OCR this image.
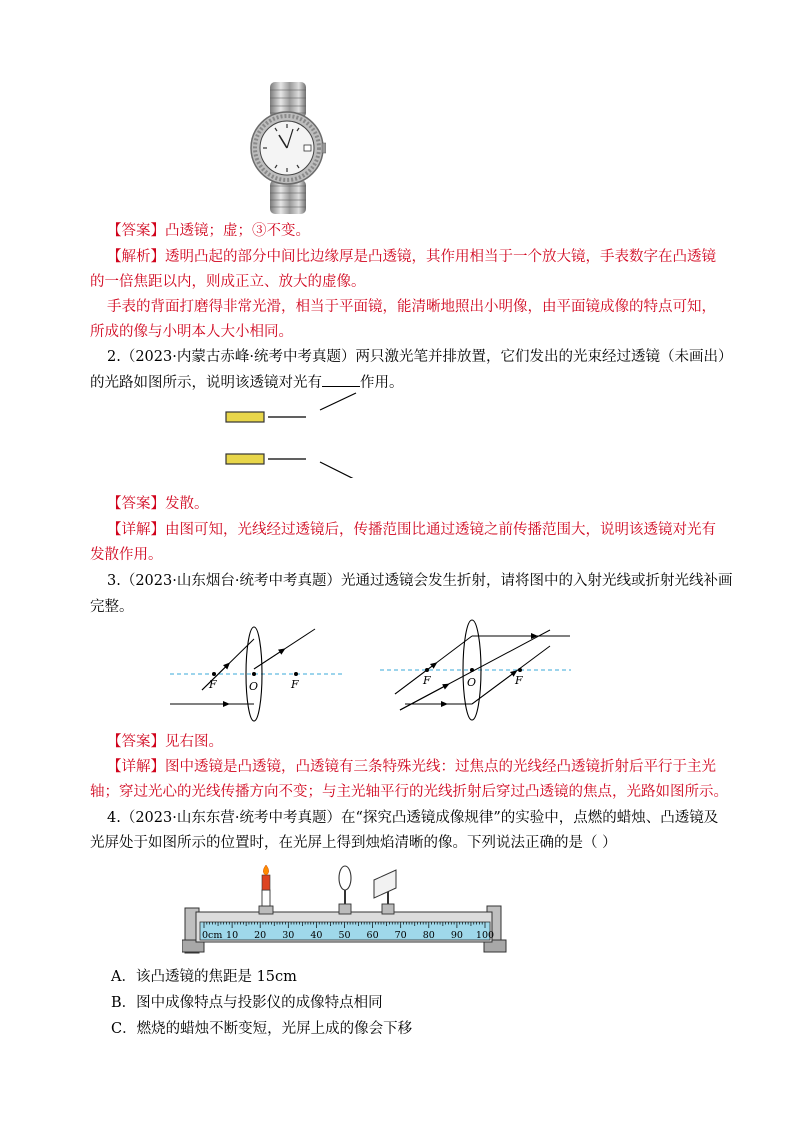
【答案】凸透镜；虚；③不变。
【解析】透明凸起的部分中间比边缘厚是凸透镜，其作用相当于一个放大镜，手表数字在凸透镜
的一倍焦距以内，则成正立、放大的虚像。
手表的背面打磨得非常光滑，相当于平面镜，能清晰地照出小明像，由平面镜成像的特点可知，
所成的像与小明本人大小相同。
2.（2023·内蒙古赤峰·统考中考真题）两只激光笔并排放置，它们发出的光束经过透镜（未画出）
的光路如图所示，说明该透镜对光有	作用。
【答案】发散。
【详解】由图可知，光线经过透镜后，传播范围比通过透镜之前传播范围大，说明该透镜对光有
发散作用。
3.（2023·山东烟台·统考中考真题）光通过透镜会发生折射，请将图中的入射光线或折射光线补画
完整。
F	O	F	F	O	F
【答案】见右图。
【详解】图中透镜是凸透镜，凸透镜有三条特殊光线：过焦点的光线经凸透镜折射后平行于主光
轴；穿过光心的光线传播方向不变；与主光轴平行的光线折射后穿过凸透镜的焦点，光路如图所示。
4.（2023·山东东营·统考中考真题）在“探究凸透镜成像规律”的实验中，点燃的蜡烛、凸透镜及
光屏处于如图所示的位置时，在光屏上得到烛焰清晰的像。下列说法正确的是（ ）
0cm 10 20 30 40 50 60 70 80 90 100
A．该凸透镜的焦距是 15cm
B．图中成像特点与投影仪的成像特点相同
C．燃烧的蜡烛不断变短，光屏上成的像会下移
